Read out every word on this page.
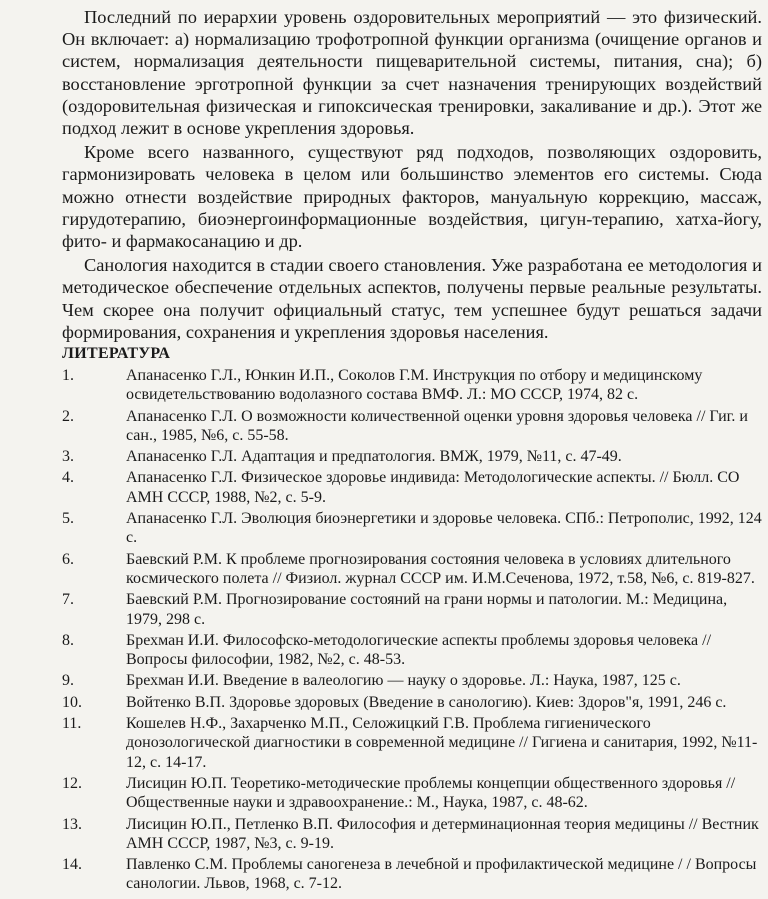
Последний по иерархии уровень оздоровительных мероприятий — это физический. Он включает: а) нормализацию трофотропной функции организма (очищение органов и систем, нормализация деятельности пищеварительной системы, питания, сна); б) восстановление эрготропной функции за счет назначения тренирующих воздействий (оздоровительная физическая и гипоксическая тренировки, закаливание и др.). Этот же подход лежит в основе укрепления здоровья.

Кроме всего названного, существуют ряд подходов, позволяющих оздоровить, гармонизировать человека в целом или большинство элементов его системы. Сюда можно отнести воздействие природных факторов, мануальную коррекцию, массаж, гирудотерапию, биоэнергоинформационные воздействия, цигун-терапию, хатха-йогу, фито- и фармакосанацию и др.

Санология находится в стадии своего становления. Уже разработана ее методология и методическое обеспечение отдельных аспектов, получены первые реальные результаты. Чем скорее она получит официальный статус, тем успешнее будут решаться задачи формирования, сохранения и укрепления здоровья населения.

ЛИТЕРАТУРА
1.	Апанасенко Г.Л., Юнкин И.П., Соколов Г.М. Инструкция по отбору и медицинскому освидетельствованию водолазного состава ВМФ. Л.: МО СССР, 1974, 82 с.
2.	Апанасенко Г.Л. О возможности количественной оценки уровня здоровья человека // Гиг. и сан., 1985, №6, с. 55-58.
3.	Апанасенко Г.Л. Адаптация и предпатология. ВМЖ, 1979, №11, с. 47-49.
4.	Апанасенко Г.Л. Физическое здоровье индивида: Методологические аспекты. // Бюлл. СО АМН СССР, 1988, №2, с. 5-9.
5.	Апанасенко Г.Л. Эволюция биоэнергетики и здоровье человека. СПб.: Петрополис, 1992, 124 с.
6.	Баевский Р.М. К проблеме прогнозирования состояния человека в условиях длительного космического полета // Физиол. журнал СССР им. И.М.Сеченова, 1972, т.58, №6, с. 819-827.
7.	Баевский Р.М. Прогнозирование состояний на грани нормы и патологии. М.: Медицина, 1979, 298 с.
8.	Брехман И.И. Философско-методологические аспекты проблемы здоровья человека // Вопросы философии, 1982, №2, с. 48-53.
9.	Брехман И.И. Введение в валеологию — науку о здоровье. Л.: Наука, 1987, 125 с.
10.	Войтенко В.П. Здоровье здоровых (Введение в санологию). Киев: Здоров"я, 1991, 246 с.
11.	Кошелев Н.Ф., Захарченко М.П., Селожицкий Г.В. Проблема гигиенического донозологической диагностики в современной медицине // Гигиена и санитария, 1992, №11-12, с. 14-17.
12.	Лисицин Ю.П. Теоретико-методические проблемы концепции общественного здоровья // Общественные науки и здравоохранение.: М., Наука, 1987, с. 48-62.
13.	Лисицин Ю.П., Петленко В.П. Философия и детерминационная теория медицины // Вестник АМН СССР, 1987, №3, с. 9-19.
14.	Павленко С.М. Проблемы саногенеза в лечебной и профилактической медицине / / Вопросы санологии. Львов, 1968, с. 7-12.
